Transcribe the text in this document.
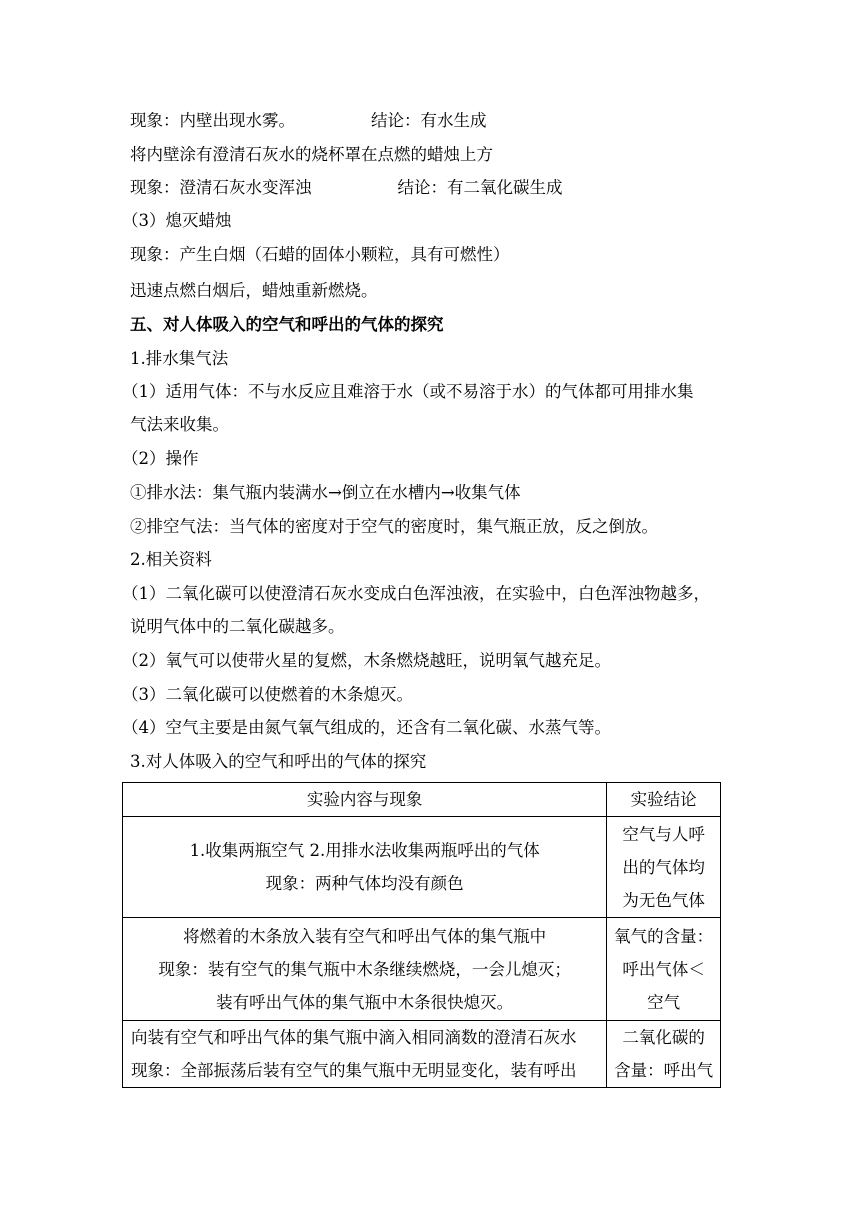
现象：内壁出现水雾。	结论：有水生成
将内壁涂有澄清石灰水的烧杯罩在点燃的蜡烛上方
现象：澄清石灰水变浑浊	结论：有二氧化碳生成
（3）熄灭蜡烛
现象：产生白烟（石蜡的固体小颗粒，具有可燃性）
迅速点燃白烟后，蜡烛重新燃烧。
五、对人体吸入的空气和呼出的气体的探究
1.排水集气法
（1）适用气体：不与水反应且难溶于水（或不易溶于水）的气体都可用排水集
气法来收集。
（2）操作
①排水法：集气瓶内装满水→倒立在水槽内→收集气体
②排空气法：当气体的密度对于空气的密度时，集气瓶正放，反之倒放。
2.相关资料
（1）二氧化碳可以使澄清石灰水变成白色浑浊液，在实验中，白色浑浊物越多，
说明气体中的二氧化碳越多。
（2）氧气可以使带火星的复燃，木条燃烧越旺，说明氧气越充足。
（3）二氧化碳可以使燃着的木条熄灭。
（4）空气主要是由氮气氧气组成的，还含有二氧化碳、水蒸气等。
3.对人体吸入的空气和呼出的气体的探究
实验内容与现象	实验结论

1.收集两瓶空气 2.用排水法收集两瓶呼出的气体
现象：两种气体均没有颜色	空气与人呼
出的气体均
为无色气体

将燃着的木条放入装有空气和呼出气体的集气瓶中
现象：装有空气的集气瓶中木条继续燃烧，一会儿熄灭；
装有呼出气体的集气瓶中木条很快熄灭。	氧气的含量：
呼出气体＜
空气

向装有空气和呼出气体的集气瓶中滴入相同滴数的澄清石灰水
现象：全部振荡后装有空气的集气瓶中无明显变化，装有呼出	二氧化碳的
含量：呼出气
